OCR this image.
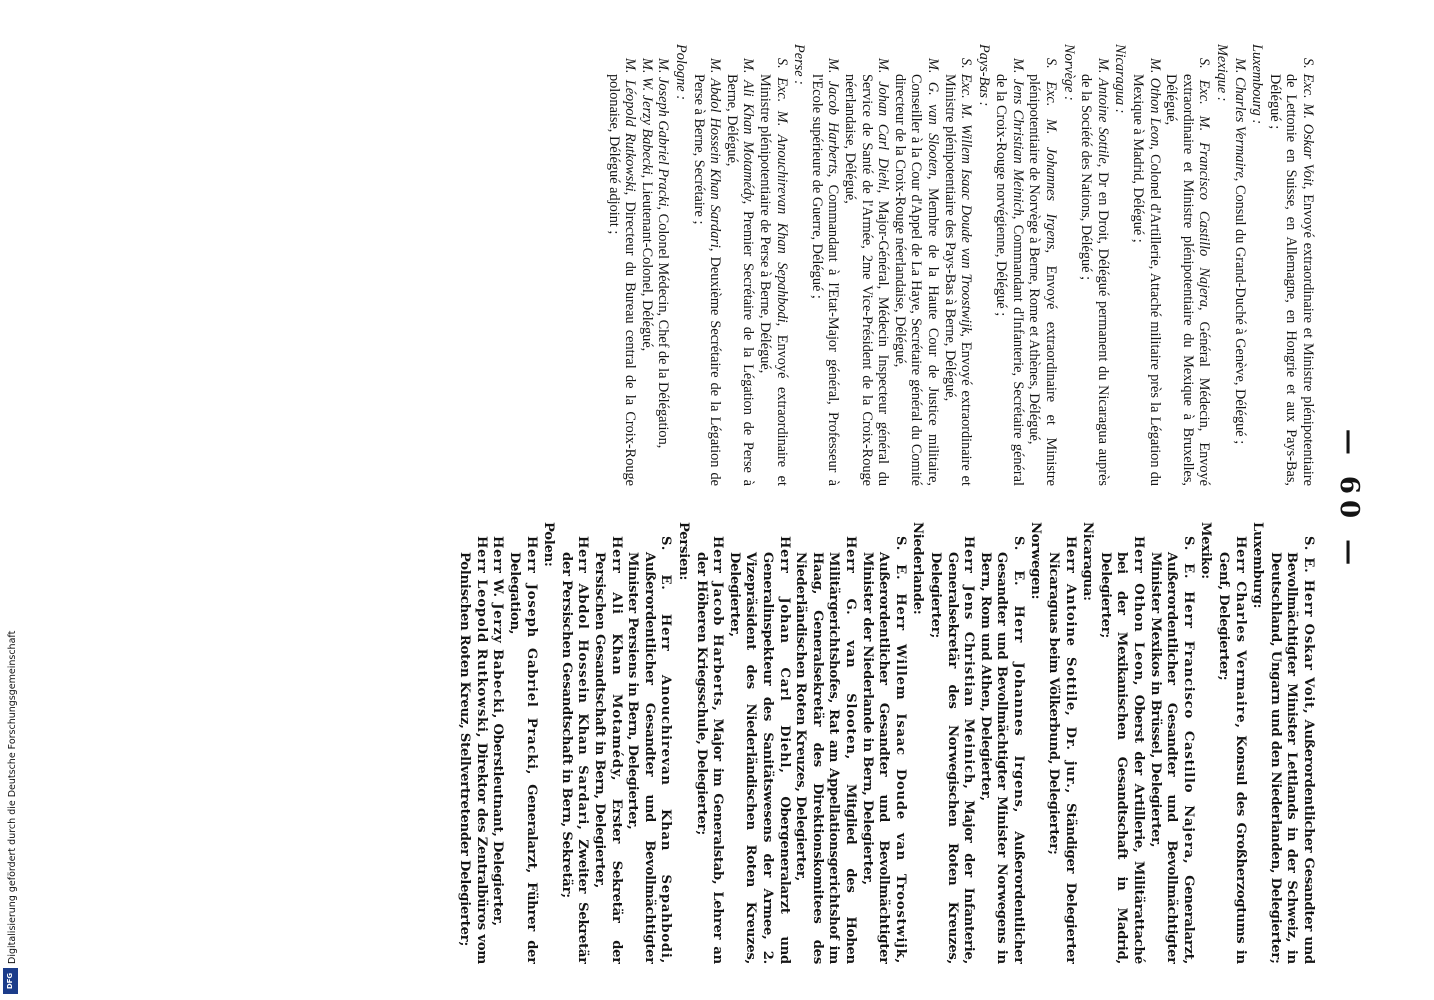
— 60 —
S. Exc. M. Oskar Voit, Envoyé extraordinaire et Ministre plénipotentiaire de Lettonie en Suisse, en Allemagne, en Hongrie et aux Pays-Bas, Délégué ;
Luxembourg :
M. Charles Vermaire, Consul du Grand-Duché à Genève, Délégué ;
Mexique :
S. Exc. M. Francisco Castillo Najera, Général Médecin, Envoyé extraordinaire et Ministre plénipotentiaire du Mexique à Bruxelles, Délégué,
M. Othon Leon, Colonel d'Artillerie, Attaché militaire près la Légation du Mexique à Madrid, Délégué ;
Nicaragua :
M. Antoine Sottile, Dr en Droit, Délégué permanent du Nicaragua auprès de la Société des Nations, Délégué ;
Norvège :
S. Exc. M. Johannes Irgens, Envoyé extraordinaire et Ministre plénipotentiaire de Norvège à Berne, Rome et Athènes, Délégué,
M. Jens Christian Meinich, Commandant d'Infanterie, Secrétaire général de la Croix-Rouge norvégienne, Délégué ;
Pays-Bas :
S. Exc. M. Willem Isaac Doude van Troostwijk, Envoyé extraordinaire et Ministre plénipotentiaire des Pays-Bas à Berne, Délégué,
M. G. van Slooten, Membre de la Haute Cour de Justice militaire, Conseiller à la Cour d'Appel de La Haye, Secrétaire général du Comité directeur de la Croix-Rouge néerlandaise, Délégué,
M. Johan Carl Diehl, Major-Général, Médecin Inspecteur général du Service de Santé de l'Armée, 2me Vice-Président de la Croix-Rouge néerlandaise, Délégué,
M. Jacob Harberts, Commandant à l'Etat-Major général, Professeur à l'Ecole supérieure de Guerre, Délégué ;
Perse :
S. Exc. M. Anouchirevan Khan Sepahbodi, Envoyé extraordinaire et Ministre plénipotentiaire de Perse à Berne, Délégué,
M. Ali Khan Motamédy, Premier Secrétaire de la Légation de Perse à Berne, Délégué,
M. Abdol Hossein Khan Sardari, Deuxième Secrétaire de la Légation de Perse à Berne, Secrétaire ;
Pologne :
M. Joseph Gabriel Pracki, Colonel Médecin, Chef de la Délégation,
M. W. Jerzy Babecki, Lieutenant-Colonel, Délégué,
M. Léopold Rutkowski, Directeur du Bureau central de la Croix-Rouge polonaise, Délégué adjoint ;
S. E. Herr Oskar Voit, Außerordentlicher Gesandter und Bevollmächtigter Minister Lettlands in der Schweiz, in Deutschland, Ungarn und den Niederlanden, Delegierter;
Luxemburg:
Herr Charles Vermaire, Konsul des Großherzogtums in Genf, Delegierter;
Mexiko:
S. E. Herr Francisco Castillo Najera, Generalarzt, Außerordentlicher Gesandter und Bevollmächtigter Minister Mexikos in Brüssel, Delegierter,
Herr Othon Leon, Oberst der Artillerie, Militärattaché bei der Mexikanischen Gesandtschaft in Madrid, Delegierter;
Nicaragua:
Herr Antoine Sottile, Dr. jur., Ständiger Delegierter Nicaraguas beim Völkerbund, Delegierter;
Norwegen:
S. E. Herr Johannes Irgens, Außerordentlicher Gesandter und Bevollmächtigter Minister Norwegens in Bern, Rom und Athen, Delegierter,
Herr Jens Christian Meinich, Major der Infanterie, Generalsekretär des Norwegischen Roten Kreuzes, Delegierter;
Niederlande:
S. E. Herr Willem Isaac Doude van Troostwijk, Außerordentlicher Gesandter und Bevollmächtigter Minister der Niederlande in Bern, Delegierter,
Herr G. van Slooten, Mitglied des Hohen Militärgerichtshofes, Rat am Appellationsgerichtshof im Haag, Generalsekretär des Direktionskomitees des Niederländischen Roten Kreuzes, Delegierter,
Herr Johan Carl Diehl, Obergeneralarzt und Generalinspekteur des Sanitätswesens der Armee, 2. Vizepräsident des Niederländischen Roten Kreuzes, Delegierter,
Herr Jacob Harberts, Major im Generalstab, Lehrer an der Höheren Kriegsschule, Delegierter;
Persien:
S. E. Herr Anouchirevan Khan Sepahbodi, Außerordentlicher Gesandter und Bevollmächtigter Minister Persiens in Bern, Delegierter,
Herr Ali Khan Motamédy, Erster Sekretär der Persischen Gesandtschaft in Bern, Delegierter,
Herr Abdol Hossein Khan Sardari, Zweiter Sekretär der Persischen Gesandtschaft in Bern, Sekretär;
Polen:
Herr Joseph Gabriel Pracki, Generalarzt, Führer der Delegation,
Herr W. Jerzy Babecki, Oberstleutnant, Delegierter,
Herr Leopold Rutkowski, Direktor des Zentralbüros vom Polnischen Roten Kreuz, Stellvertretender Delegierter;
Digitalisierung gefördert durch die Deutsche Forschungsgemeinschaft
DFG
